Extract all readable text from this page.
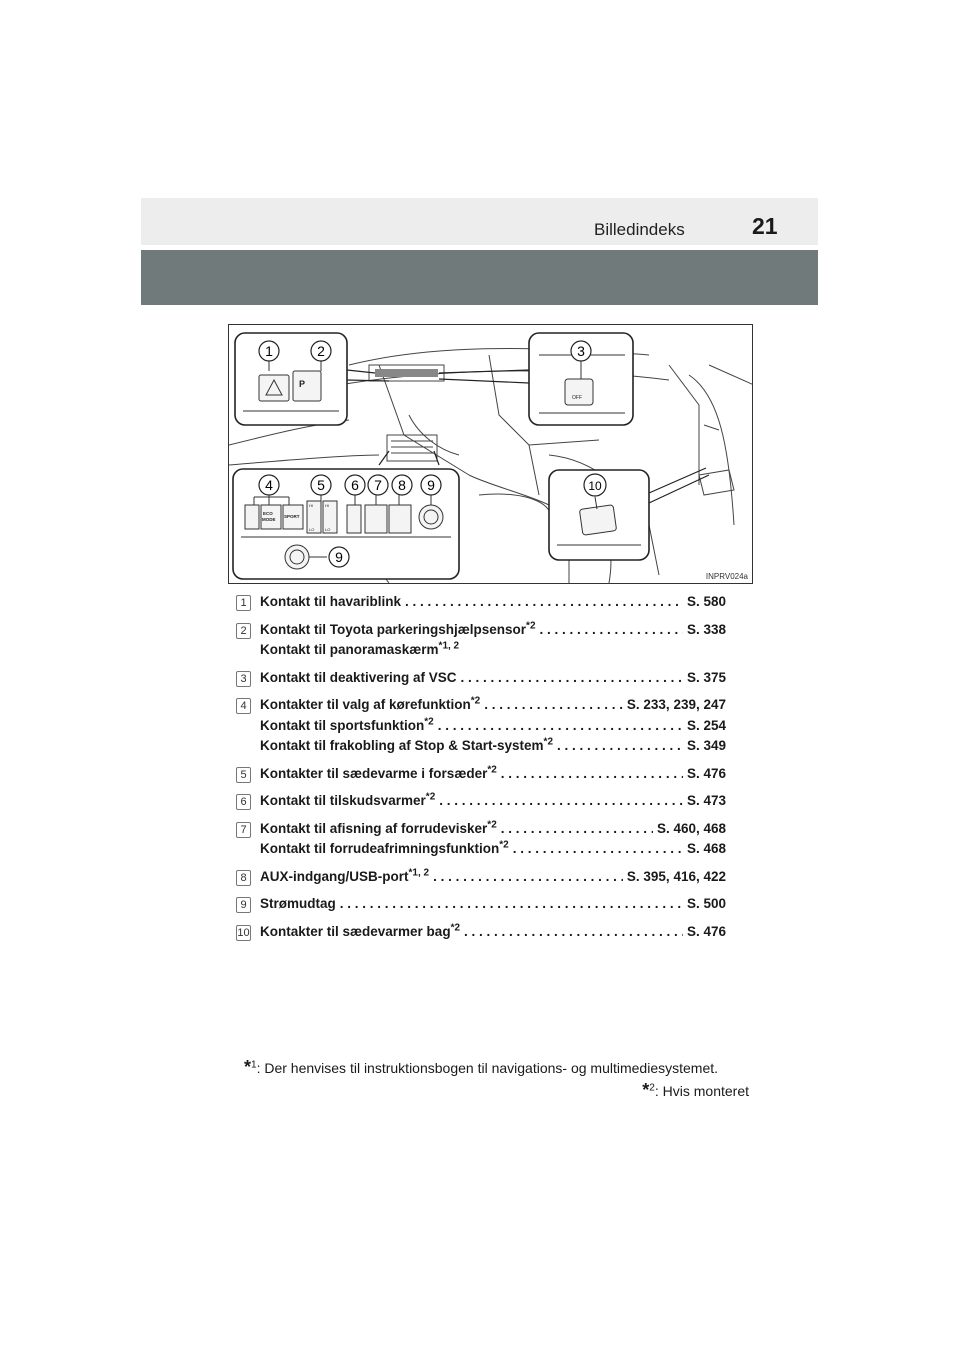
Billedindeks	21
P
OFF
ECO
MODE
SPORT
LO	LO
HI	HI
1	2	3
4	5 6 7 8 9
9
10
INPRV024a
1 Kontakt til havariblink . . .	S. 580
2 Kontakt til Toyota parkeringshjælpsensor$^{*2}$ . . .	S. 338
Kontakt til panoramaskærm$^{*1, 2}$
3 Kontakt til deaktivering af VSC . . .	S. 375
4 Kontakter til valg af kørefunktion$^{*2}$ . . .	S. 233, 239, 247
Kontakt til sportsfunktion$^{*2}$ . . .	S. 254
Kontakt til frakobling af Stop & Start-system$^{*2}$ . . .	S. 349
5 Kontakter til sædevarme i forsæder$^{*2}$ . . .	S. 476
6 Kontakt til tilskudsvarmer$^{*2}$ . . .	S. 473
7 Kontakt til afisning af forrudevisker$^{*2}$ . . .	S. 460, 468
Kontakt til forrudeafrimningsfunktion$^{*2}$ . . .	S. 468
8 AUX-indgang/USB-port$^{*1, 2}$ . . .	S. 395, 416, 422
9 Strømudtag . . .	S. 500
10 Kontakter til sædevarmer bag$^{*2}$ . . .	S. 476
*$^1$: Der henvises til instruktionsbogen til navigations- og multimediesystemet.
*$^2$: Hvis monteret
